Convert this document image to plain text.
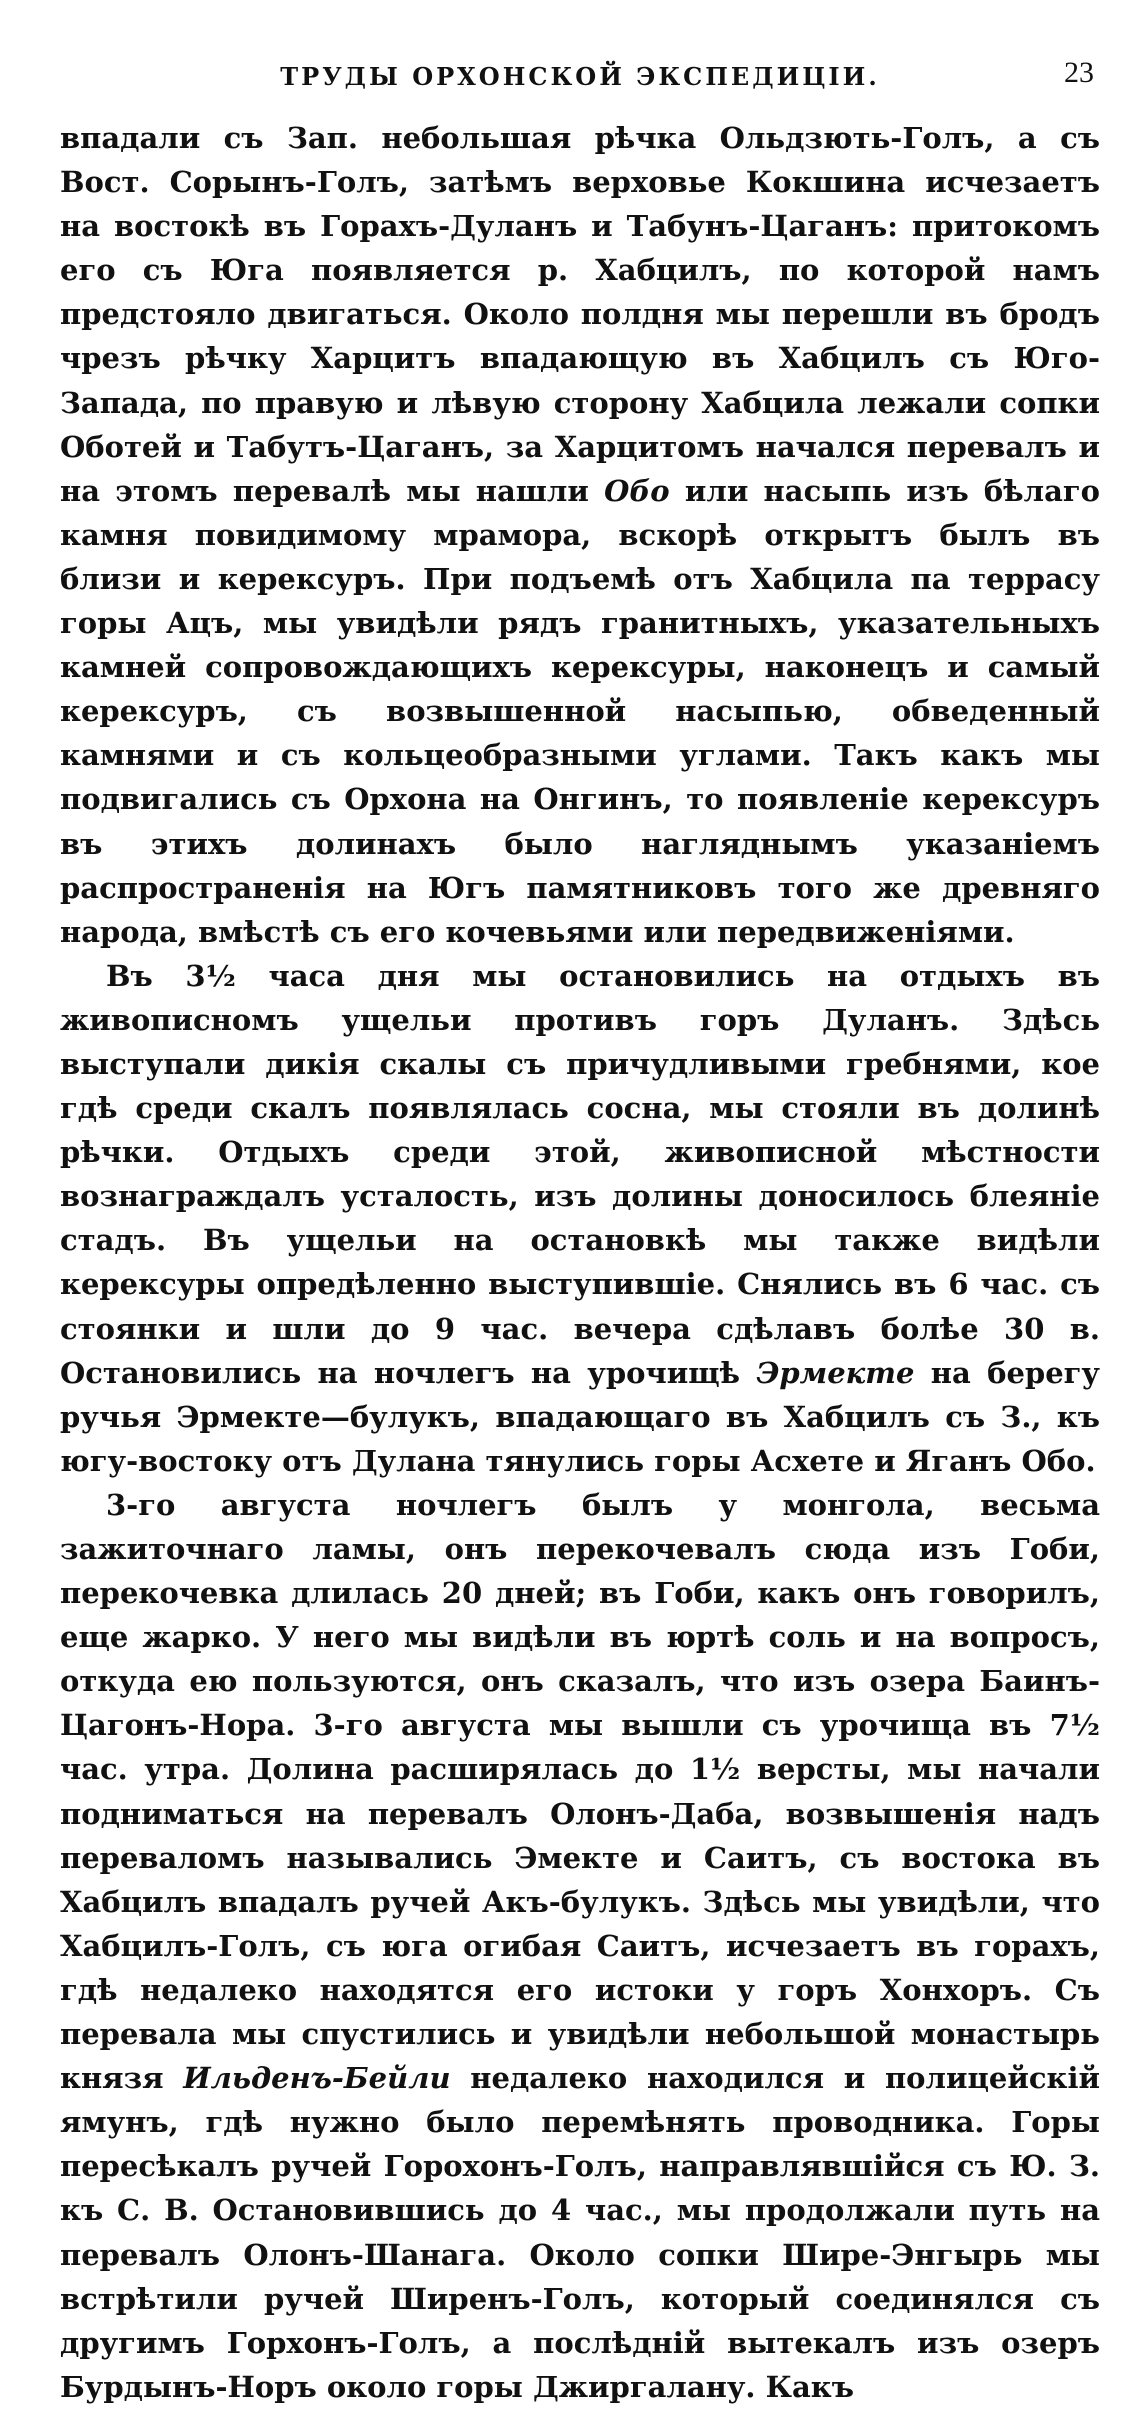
ТРУДЫ ОРХОНСКОЙ ЭКСПЕДИЦІИ.	23

впадали съ Зап. небольшая рѣчка Ольдзють-Голъ, а съ Вост. Сорынъ-Голъ, затѣмъ верховье Кокшина исчезаетъ на востокѣ въ Горахъ-Дуланъ и Табунъ-Цаганъ: притокомъ его съ Юга появляется р. Хабцилъ, по которой намъ предстояло двигаться. Около полдня мы перешли въ бродъ чрезъ рѣчку Харцитъ впадающую въ Хабцилъ съ Юго-Запада, по правую и лѣвую сторону Хабцила лежали сопки Оботей и Табутъ-Цаганъ, за Харцитомъ начался перевалъ и на этомъ перевалѣ мы нашли Обо или насыпь изъ бѣлаго камня повидимому мрамора, вскорѣ открытъ былъ въ близи и керексуръ. При подъемѣ отъ Хабцила па террасу горы Ацъ, мы увидѣли рядъ гранитныхъ, указательныхъ камней сопровождающихъ керексуры, наконецъ и самый керексуръ, съ возвышенной насыпью, обведенный камнями и съ кольцеобразными углами. Такъ какъ мы подвигались съ Орхона на Онгинъ, то появленіе керексуръ въ этихъ долинахъ было нагляднымъ указаніемъ распространенія на Югъ памятниковъ того же древняго народа, вмѣстѣ съ его кочевьями или передвиженіями.

Въ 3½ часа дня мы остановились на отдыхъ въ живописномъ ущельи противъ горъ Дуланъ. Здѣсь выступали дикія скалы съ причудливыми гребнями, кое гдѣ среди скалъ появлялась сосна, мы стояли въ долинѣ рѣчки. Отдыхъ среди этой, живописной мѣстности вознаграждалъ усталость, изъ долины доносилось блеяніе стадъ. Въ ущельи на остановкѣ мы также видѣли керексуры опредѣленно выступившіе. Снялись въ 6 час. съ стоянки и шли до 9 час. вечера сдѣлавъ болѣе 30 в. Остановились на ночлегъ на урочищѣ Эрмекте на берегу ручья Эрмекте—булукъ, впадающаго въ Хабцилъ съ З., къ югу-востоку отъ Дулана тянулись горы Асхете и Яганъ Обо.

3-го августа ночлегъ былъ у монгола, весьма зажиточнаго ламы, онъ перекочевалъ сюда изъ Гоби, перекочевка длилась 20 дней; въ Гоби, какъ онъ говорилъ, еще жарко. У него мы видѣли въ юртѣ соль и на вопросъ, откуда ею пользуются, онъ сказалъ, что изъ озера Баинъ-Цагонъ-Нора. 3-го августа мы вышли съ урочища въ 7½ час. утра. Долина расширялась до 1½ версты, мы начали подниматься на перевалъ Олонъ-Даба, возвышенія надъ переваломъ назывались Эмекте и Саитъ, съ востока въ Хабцилъ впадалъ ручей Акъ-булукъ. Здѣсь мы увидѣли, что Хабцилъ-Голъ, съ юга огибая Саитъ, исчезаетъ въ горахъ, гдѣ недалеко находятся его истоки у горъ Хонхоръ. Съ перевала мы спустились и увидѣли небольшой монастырь князя Ильденъ-Бейли недалеко находился и полицейскій ямунъ, гдѣ нужно было перемѣнять проводника. Горы пересѣкалъ ручей Горохонъ-Голъ, направлявшійся съ Ю. З. къ С. В. Остановившись до 4 час., мы продолжали путь на перевалъ Олонъ-Шанага. Около сопки Шире-Энгырь мы встрѣтили ручей Ширенъ-Голъ, который соединялся съ другимъ Горхонъ-Голъ, а послѣдній вытекалъ изъ озеръ Бурдынъ-Норъ около горы Джиргалану. Какъ
